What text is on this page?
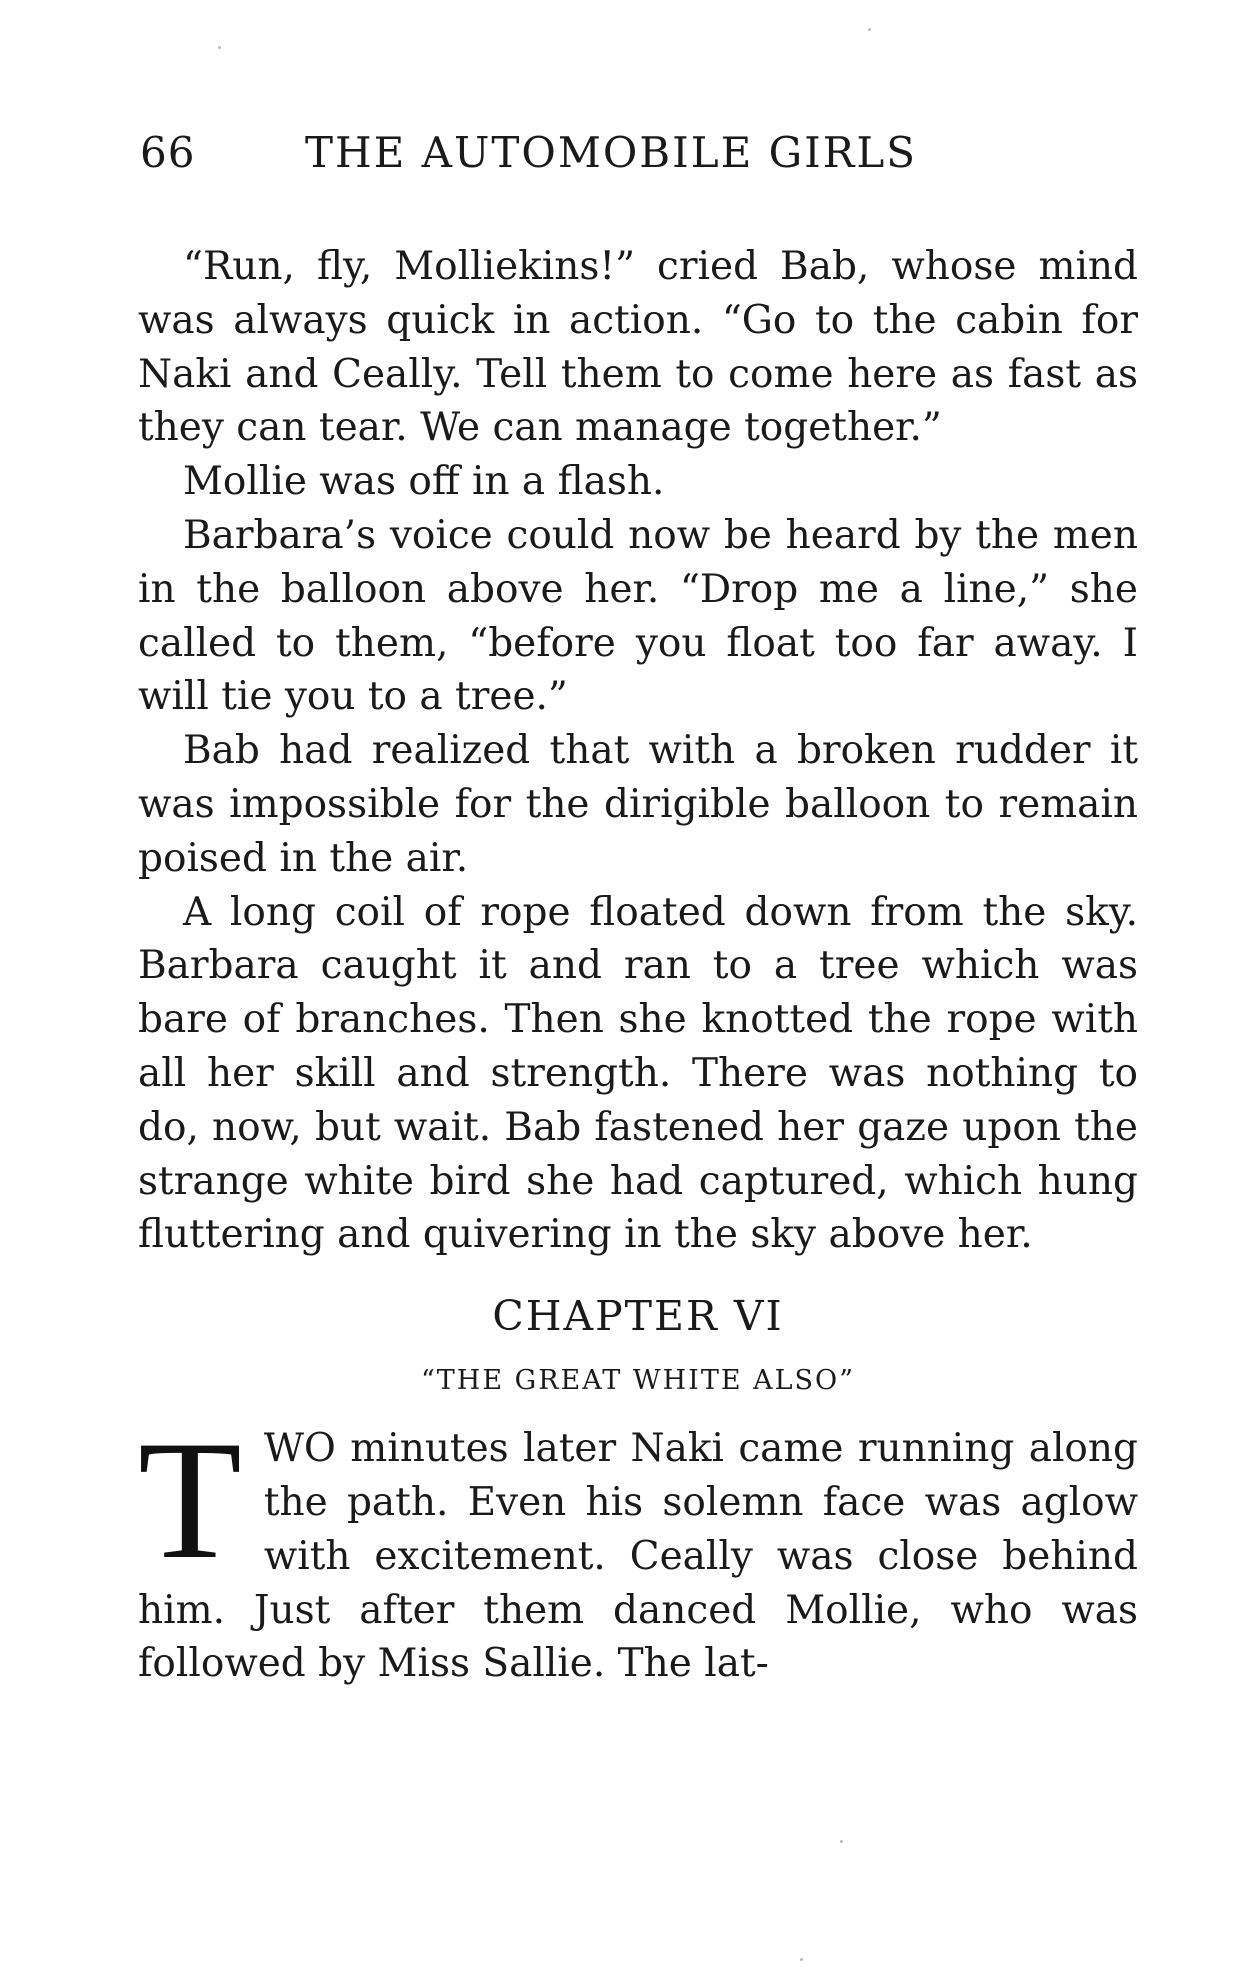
66	THE AUTOMOBILE GIRLS

“Run, fly, Molliekins!” cried Bab, whose mind was always quick in action. “Go to the cabin for Naki and Ceally. Tell them to come here as fast as they can tear. We can manage together.”

Mollie was off in a flash.

Barbara’s voice could now be heard by the men in the balloon above her. “Drop me a line,” she called to them, “before you float too far away. I will tie you to a tree.”

Bab had realized that with a broken rudder it was impossible for the dirigible balloon to remain poised in the air.

A long coil of rope floated down from the sky. Barbara caught it and ran to a tree which was bare of branches. Then she knotted the rope with all her skill and strength. There was nothing to do, now, but wait. Bab fastened her gaze upon the strange white bird she had captured, which hung fluttering and quivering in the sky above her.

CHAPTER VI
“THE GREAT WHITE ALSO”

TWO minutes later Naki came running along the path. Even his solemn face was aglow with excitement. Ceally was close behind him. Just after them danced Mollie, who was followed by Miss Sallie. The lat-
